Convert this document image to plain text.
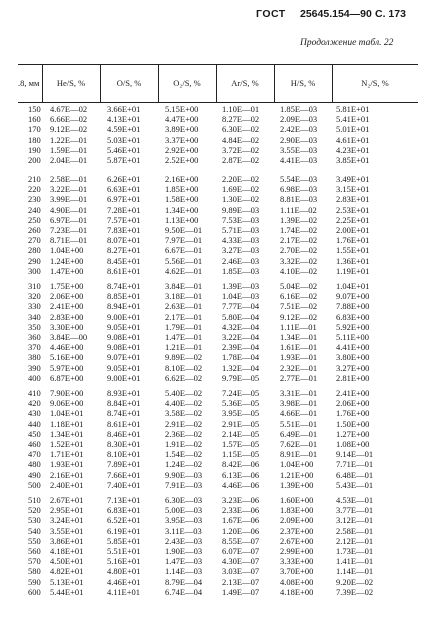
ГОСТ 25645.154—90 С. 173
Продолжение табл. 22
.8, мм	He/S, %	O/S, %	O₂/S, %	Ar/S, %	H/S, %	N₂/S, %
150 4.67E—02 3.66E+01	5.15E+00	1.10E—01 1.85E—03 5.81E+01
160 6.66E—02 4.13E+01	4.47E+00	8.27E—02 2.09E—03 5.41E+01
170 9.12E—02 4.59E+01	3.89E+00	6.30E—02 2.42E—03 5.01E+01
180 1.22E—01 5.03E+01	3.37E+00	4.84E—02 2.90E—03 4.61E+01
190 1.59E—01 5.46E+01	2.92E+00	3.72E—02 3.55E—03 4.23E+01
200 2.04E—01 5.87E+01	2.52E+00	2.87E—02 4.41E—03 3.85E+01
210 2.58E—01 6.26E+01	2.16E+00	2.20E—02 5.54E—03 3.49E+01
220 3.22E—01 6.63E+01	1.85E+00	1.69E—02 6.98E—03 3.15E+01
230 3.99E—01 6.97E+01	1.58E+00	1.30E—02 8.81E—03 2.83E+01
240 4.90E—01 7.28E+01	1.34E+00	9.89E—03 1.11E—02 2.53E+01
250 6.97E—01 7.57E+01	1.13E+00	7.53E—03 1.39E—02 2.25E+01
260 7.23E—01 7.83E+01	9.50E—01 5.71E—03 1.74E—02 2.00E+01
270 8.71E—01 8.07E+01	7.97E—01 4.33E—03 2.17E—02 1.76E+01
280 1.04E+00	8.27E+01	6.67E—01 3.27E—03 2.70E—02 1.55E+01
290 1.24E+00	8.45E+01	5.56E—01 2.46E—03 3.32E—02 1.36E+01
300 1.47E+00	8.61E+01	4.62E—01 1.85E—03 4.10E—02 1.19E+01
310 1.75E+00	8.74E+01	3.84E—01 1.39E—03 5.04E—02 1.04E+01
320 2.06E+00	8.85E+01	3.18E—01 1.04E—03 6.16E—02 9.07E+00
330 2.41E+00	8.94E+01	2.63E—01 7.77E—04 7.51E—02 7.88E+00
340 2.83E+00	9.00E+01	2.17E—01 5.80E—04 9.12E—02 6.83E+00
350 3.30E+00	9.05E+01	1.79E—01 4.32E—04 1.11E—01 5.92E+00
360 3.84E—00 9.08E+01	1.47E—01 3.22E—04 1.34E—01 5.11E+00
370 4.46E+00	9.08E+01	1.21E—01 2.39E—04 1.61E—01 4.41E+00
380 5.16E+00	9.07E+01	9.89E—02 1.78E—04 1.93E—01 3.80E+00
390 5.97E+00	9.05E+01	8.10E—02 1.32E—04 2.32E—01 3.27E+00
400 6.87E+00	9.00E+01	6.62E—02 9.79E—05 2.77E—01 2.81E+00
410 7.90E+00	8.93E+01	5.40E—02 7.24E—05 3.31E—01 2.41E+00
420 9.06E+00	8.84E+01	4.40E—02 5.36E—05 3.98E—01 2.06E+00
430 1.04E+01	8.74E+01	3.58E—02 3.95E—05 4.66E—01 1.76E+00
440 1.18E+01	8.61E+01	2.91E—02 2.91E—05 5.51E—01 1.50E+00
450 1.34E+01	8.46E+01	2.36E—02 2.14E—05 6.49E—01 1.27E+00
460 1.52E+01	8.30E+01	1.91E—02 1.57E—05 7.62E—01 1.08E+00
470 1.71E+01	8.10E+01	1.54E—02 1.15E—05 8.91E—01 9.14E—01
480 1.93E+01	7.89E+01	1.24E—02 8.42E—06 1.04E+00	7.71E—01
490 2.16E+01	7.66E+01	9.90E—03 6.13E—06 1.21E+00	6.48E—01
500 2.40E+01	7.40E+01	7.91E—03 4.46E—06 1.39E+00	5.43E—01
510 2.67E+01	7.13E+01	6.30E—03 3.23E—06 1.60E+00	4.53E—01
520 2.95E+01	6.83E+01	5.00E—03 2.33E—06 1.83E+00	3.77E—01
530 3.24E+01	6.52E+01	3.95E—03 1.67E—06 2.09E+00	3.12E—01
540 3.55E+01	6.19E+01	3.11E—03 1.20E—06 2.37E+00	2.58E—01
550 3.86E+01	5.85E+01	2.43E—03 8.55E—07 2.67E+00	2.12E—01
560 4.18E+01	5.51E+01	1.90E—03 6.07E—07 2.99E+00	1.73E—01
570 4.50E+01	5.16E+01	1.47E—03 4.30E—07 3.33E+00	1.41E—01
580 4.82E+01	4.80E+01	1.14E—03 3.03E—07 3.70E+00	1.14E—01
590 5.13E+01	4.46E+01	8.79E—04 2.13E—07 4.08E+00	9.20E—02
600 5.44E+01	4.11E+01	6.74E—04 1.49E—07 4.18E+00	7.39E—02
